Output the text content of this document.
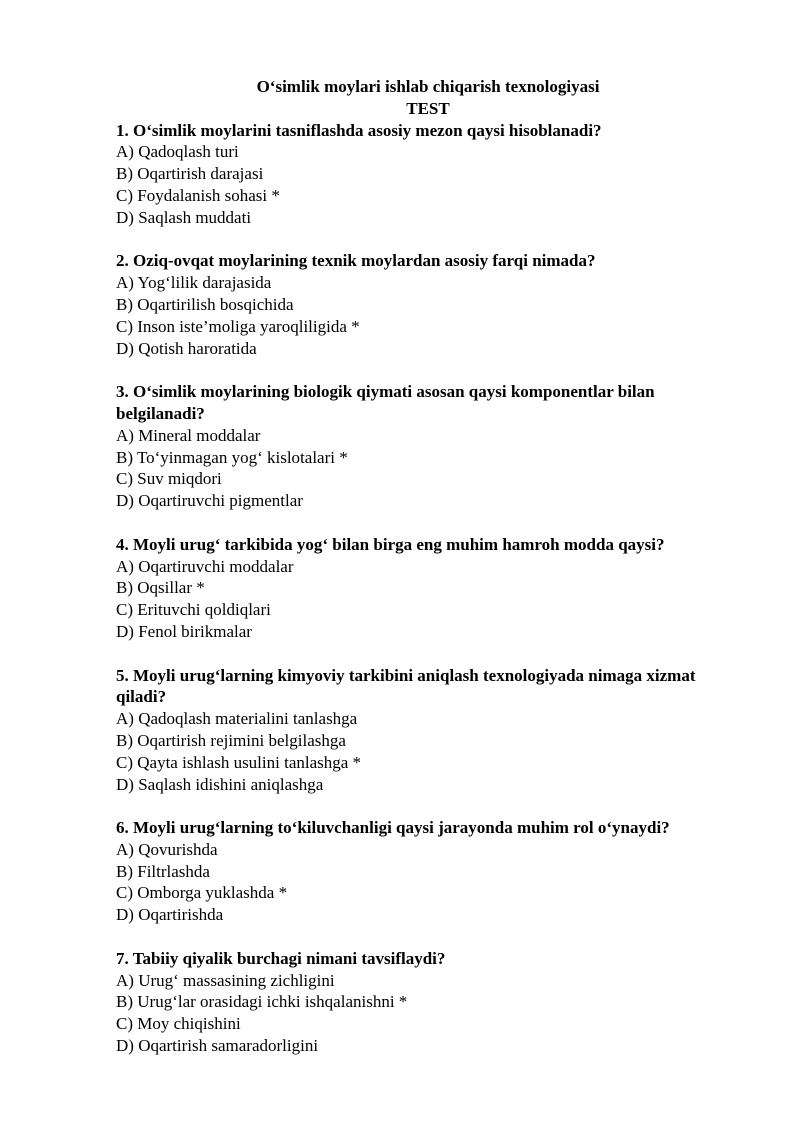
O‘simlik moylari ishlab chiqarish texnologiyasi

TEST

1. O‘simlik moylarini tasniflashda asosiy mezon qaysi hisoblanadi?

A) Qadoqlash turi

B) Oqartirish darajasi

C) Foydalanish sohasi *

D) Saqlash muddati

2. Oziq-ovqat moylarining texnik moylardan asosiy farqi nimada?

A) Yog‘lilik darajasida

B) Oqartirilish bosqichida

C) Inson iste’moliga yaroqliligida *

D) Qotish haroratida

3. O‘simlik moylarining biologik qiymati asosan qaysi komponentlar bilan belgilanadi?

A) Mineral moddalar

B) To‘yinmagan yog‘ kislotalari *

C) Suv miqdori

D) Oqartiruvchi pigmentlar

4. Moyli urug‘ tarkibida yog‘ bilan birga eng muhim hamroh modda qaysi?

A) Oqartiruvchi moddalar

B) Oqsillar *

C) Erituvchi qoldiqlari

D) Fenol birikmalar

5. Moyli urug‘larning kimyoviy tarkibini aniqlash texnologiyada nimaga xizmat qiladi?

A) Qadoqlash materialini tanlashga

B) Oqartirish rejimini belgilashga

C) Qayta ishlash usulini tanlashga *

D) Saqlash idishini aniqlashga

6. Moyli urug‘larning to‘kiluvchanligi qaysi jarayonda muhim rol o‘ynaydi?

A) Qovurishda

B) Filtrlashda

C) Omborga yuklashda *

D) Oqartirishda

7. Tabiiy qiyalik burchagi nimani tavsiflaydi?

A) Urug‘ massasining zichligini

B) Urug‘lar orasidagi ichki ishqalanishni *

C) Moy chiqishini

D) Oqartirish samaradorligini
